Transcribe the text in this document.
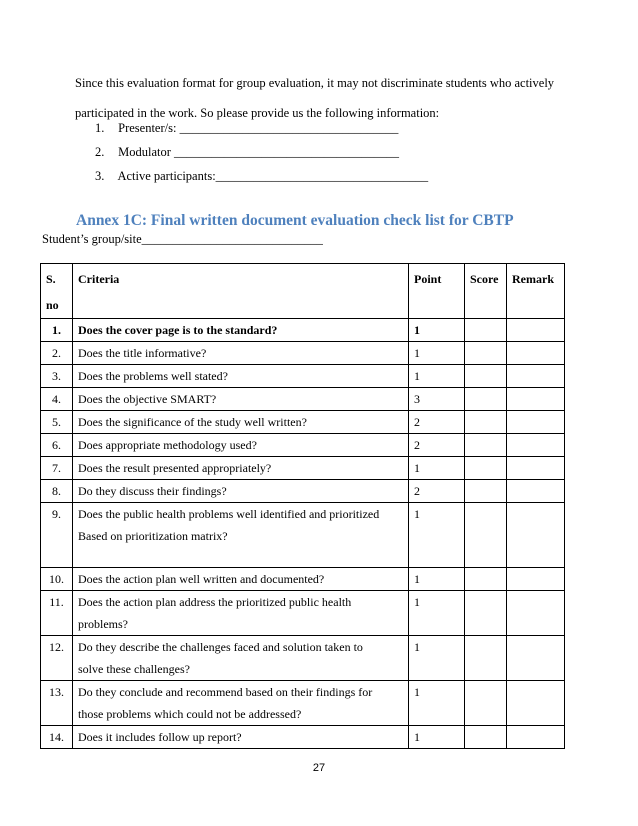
Since this evaluation format for group evaluation, it may not discriminate students who actively

participated in the work. So please provide us the following information:

1. Presenter/s: ___________________________________
2. Modulator ____________________________________
3. Active participants:__________________________________
Annex 1C: Final written document evaluation check list for CBTP
Student’s group/site_____________________________
S.
no	Criteria	Point	Score	Remark
1.	Does the cover page is to the standard?	1		
2.	Does the title informative?	1		
3.	Does the problems well stated?	1		
4.	Does the objective SMART?	3		
5.	Does the significance of the study well written?	2		
6.	Does appropriate methodology used?	2		
7.	Does the result presented appropriately?	1		
8.	Do they discuss their findings?	2		
9.	Does the public health problems well identified and prioritized
Based on prioritization matrix?	1		
10.	Does the action plan well written and documented?	1		
11.	Does the action plan address the prioritized public health
problems?	1		
12.	Do they describe the challenges faced and solution taken to
solve these challenges?	1		
13.	Do they conclude and recommend based on their findings for
those problems which could not be addressed?	1		
14.	Does it includes follow up report?	1		
27
